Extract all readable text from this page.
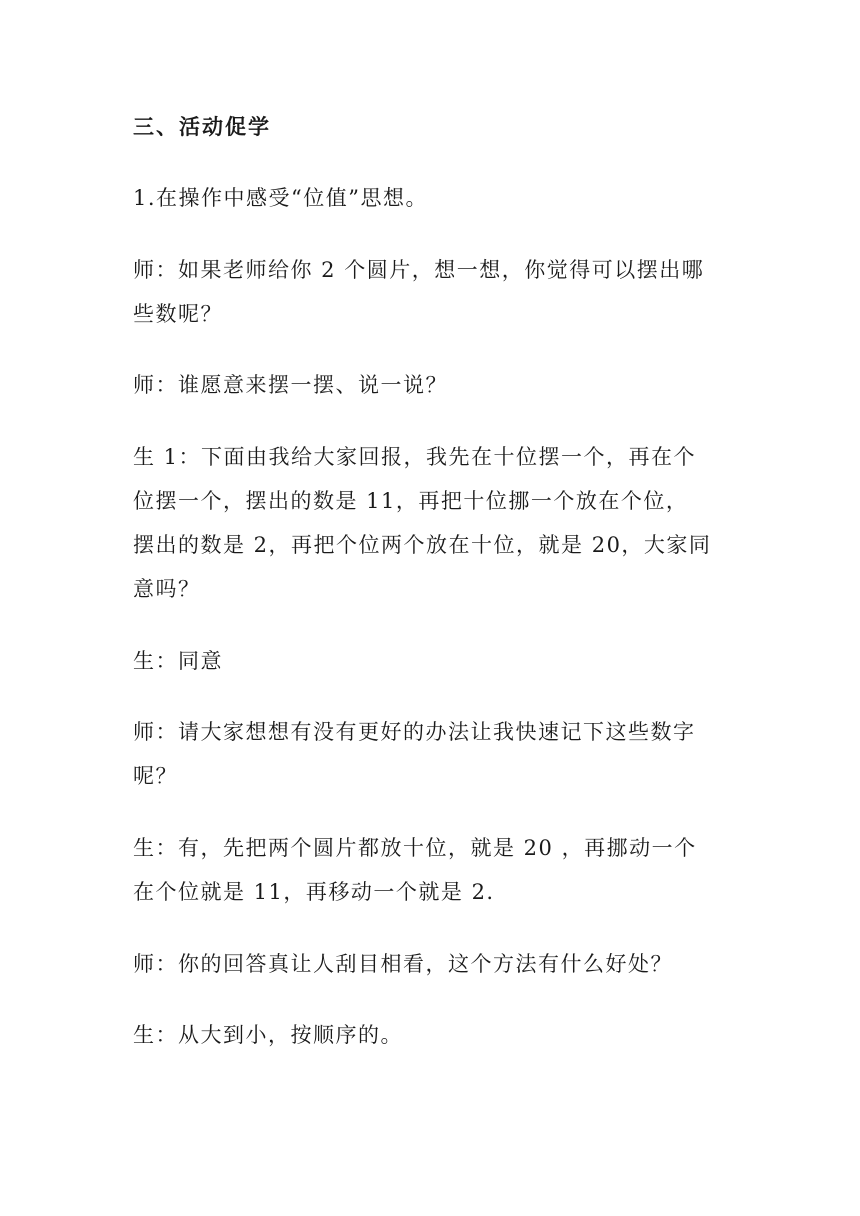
三、活动促学
1.在操作中感受“位值”思想。
师：如果老师给你 2 个圆片，想一想，你觉得可以摆出哪
些数呢？
师：谁愿意来摆一摆、说一说？
生 1：下面由我给大家回报，我先在十位摆一个，再在个
位摆一个，摆出的数是 11，再把十位挪一个放在个位，
摆出的数是 2，再把个位两个放在十位，就是 20，大家同
意吗？
生：同意
师：请大家想想有没有更好的办法让我快速记下这些数字
呢？
生：有，先把两个圆片都放十位，就是 20 ，再挪动一个
在个位就是 11，再移动一个就是 2.
师：你的回答真让人刮目相看，这个方法有什么好处？
生：从大到小，按顺序的。
